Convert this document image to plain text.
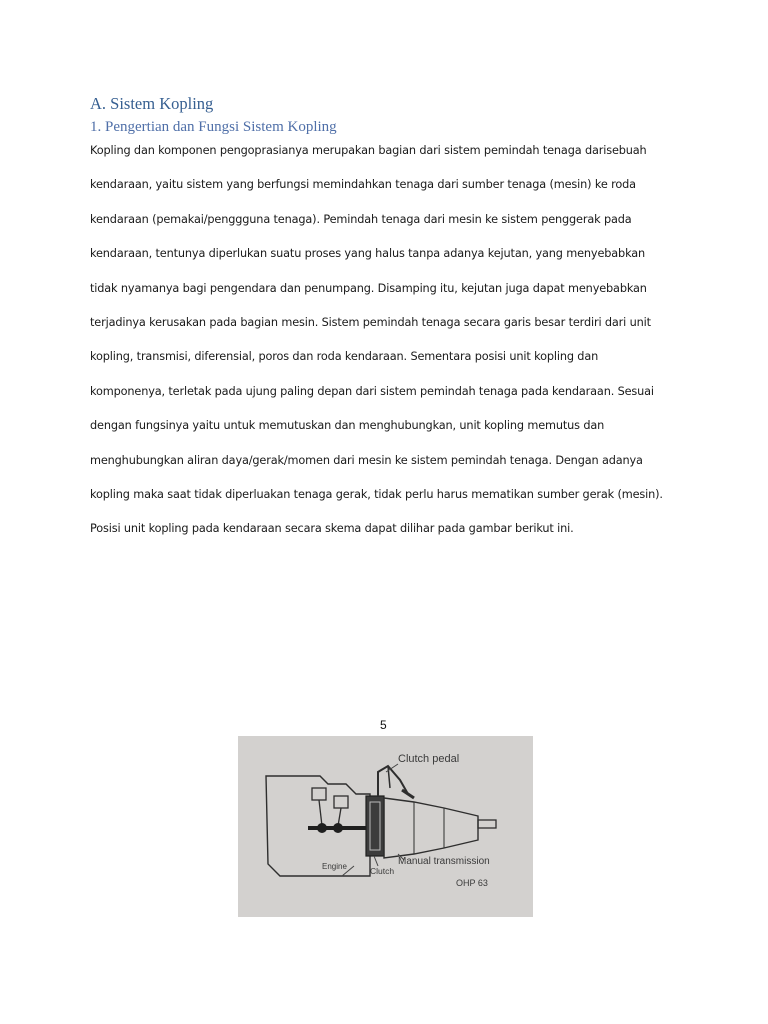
A. Sistem Kopling
1. Pengertian dan Fungsi Sistem Kopling

Kopling dan komponen pengoprasianya merupakan bagian dari sistem pemindah tenaga darisebuah
kendaraan, yaitu sistem yang berfungsi memindahkan tenaga dari sumber tenaga (mesin) ke roda
kendaraan (pemakai/penggguna tenaga). Pemindah tenaga dari mesin ke sistem penggerak pada
kendaraan, tentunya diperlukan suatu proses yang halus tanpa adanya kejutan, yang menyebabkan
tidak nyamanya bagi pengendara dan penumpang. Disamping itu, kejutan juga dapat menyebabkan
terjadinya kerusakan pada bagian mesin. Sistem pemindah tenaga secara garis besar terdiri dari unit
kopling, transmisi, diferensial, poros dan roda kendaraan. Sementara posisi unit kopling dan
komponenya, terletak pada ujung paling depan dari sistem pemindah tenaga pada kendaraan. Sesuai
dengan fungsinya yaitu untuk memutuskan dan menghubungkan, unit kopling memutus dan
menghubungkan aliran daya/gerak/momen dari mesin ke sistem pemindah tenaga. Dengan adanya
kopling maka saat tidak diperluakan tenaga gerak, tidak perlu harus mematikan sumber gerak (mesin).
Posisi unit kopling pada kendaraan secara skema dapat dilihar pada gambar berikut ini.

5
Clutch pedal
Engine	Clutch
Manual transmission
OHP 63
